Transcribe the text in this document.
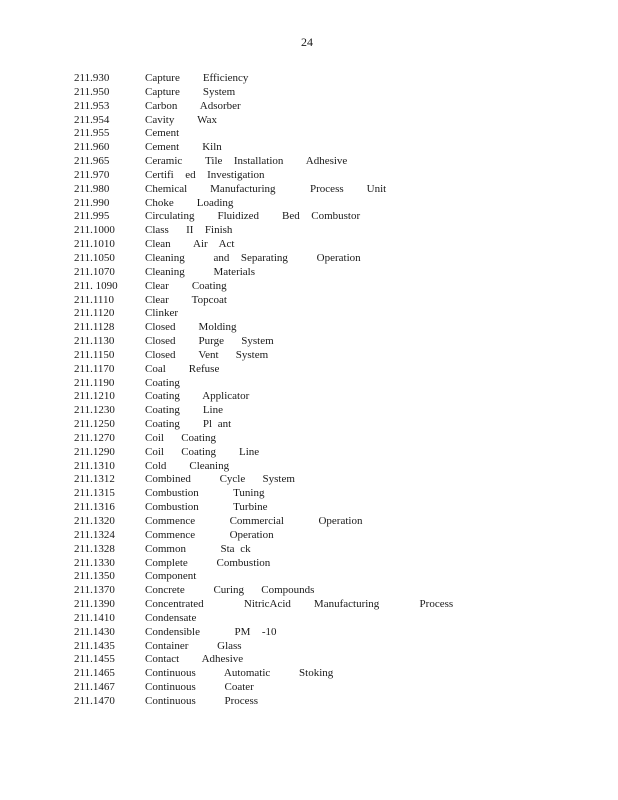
24
211.930	Capture    Efficiency
211.950	Capture    System
211.953	Carbon    Adsorber
211.954	Cavity    Wax
211.955	Cement
211.960	Cement    Kiln
211.965	Ceramic    Tile  Installation    Adhesive
211.970	Certifi  ed  Investigation
211.980	Chemical    Manufacturing      Process    Unit
211.990	Choke    Loading
211.995	Circulating    Fluidized    Bed  Combustor
211.1000	Class   II  Finish
211.1010	Clean    Air  Act
211.1050	Cleaning     and  Separating     Operation
211.1070	Cleaning     Materials
211. 1090	Clear    Coating
211.1110	Clear    Topcoat
211.1120	Clinker
211.1128	Closed    Molding
211.1130	Closed    Purge   System
211.1150	Closed    Vent   System
211.1170	Coal    Refuse
211.1190	Coating
211.1210	Coating    Applicator
211.1230	Coating    Line
211.1250	Coating    Pl ant
211.1270	Coil   Coating
211.1290	Coil   Coating    Line
211.1310	Cold    Cleaning
211.1312	Combined     Cycle   System
211.1315	Combustion      Tuning
211.1316	Combustion      Turbine
211.1320	Commence      Commercial      Operation
211.1324	Commence      Operation
211.1328	Common      Sta ck
211.1330	Complete     Combustion
211.1350	Component
211.1370	Concrete     Curing   Compounds
211.1390	Concentrated       NitricAcid    Manufacturing       Process
211.1410	Condensate
211.1430	Condensible      PM  -10
211.1435	Container     Glass
211.1455	Contact    Adhesive
211.1465	Continuous     Automatic     Stoking
211.1467	Continuous     Coater
211.1470	Continuous     Process
